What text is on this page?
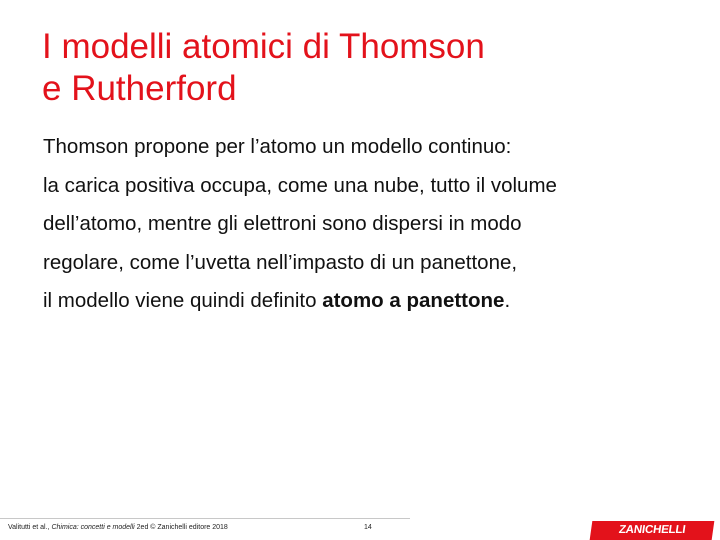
I modelli atomici di Thomson
e Rutherford
Thomson propone per l’atomo un modello continuo:
la carica positiva occupa, come una nube, tutto il volume
dell’atomo, mentre gli elettroni sono dispersi in modo
regolare, come l’uvetta nell’impasto di un panettone,
il modello viene quindi definito atomo a panettone.
Valitutti et al., Chimica: concetti e modelli 2ed © Zanichelli editore 2018	14	ZANICHELLI
